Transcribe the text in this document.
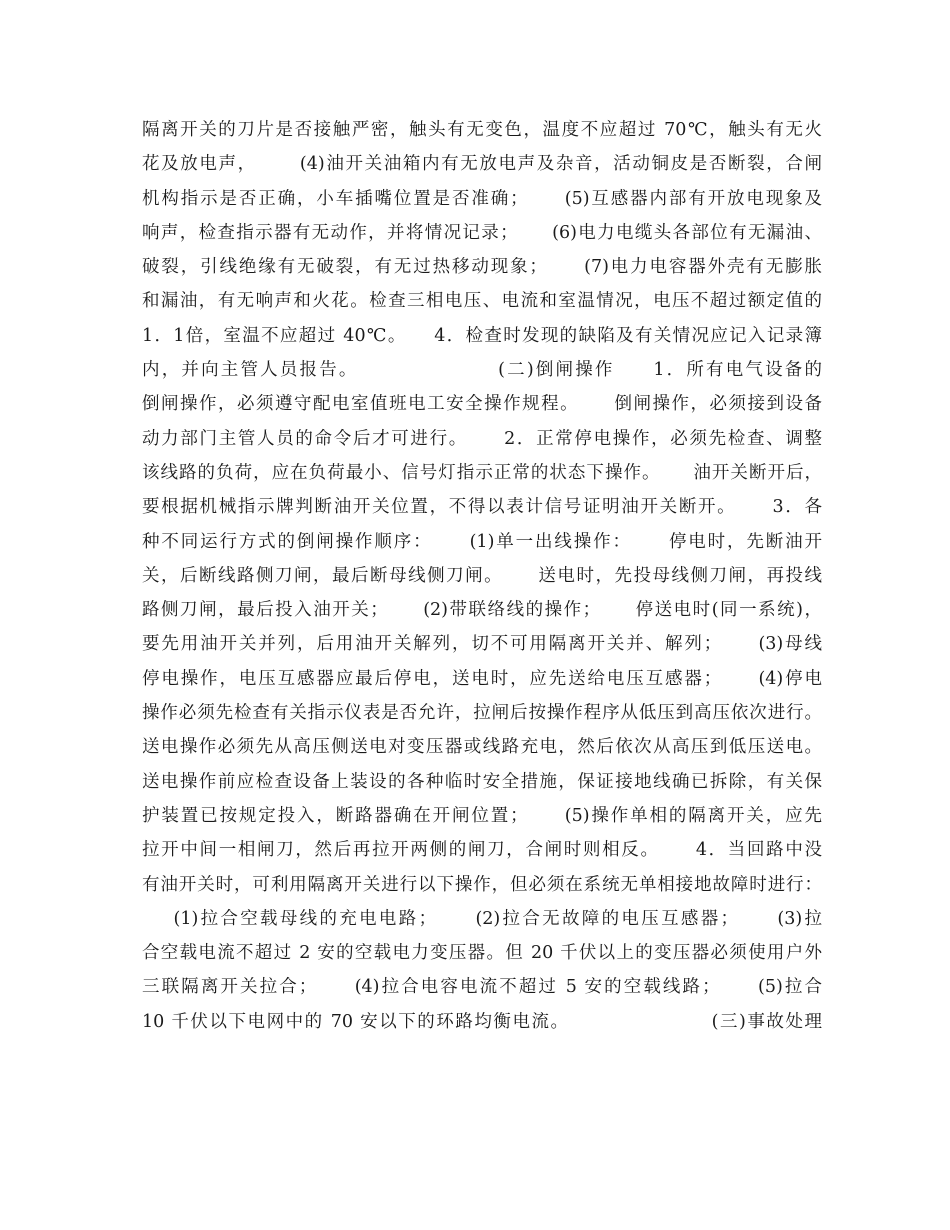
隔离开关的刀片是否接触严密，触头有无变色，温度不应超过 70℃，触头有无火
花及放电声，      (4)油开关油箱内有无放电声及杂音，活动铜皮是否断裂，合闸
机构指示是否正确，小车插嘴位置是否准确；     (5)互感器内部有开放电现象及
响声，检查指示器有无动作，并将情况记录；     (6)电力电缆头各部位有无漏油、
破裂，引线绝缘有无破裂，有无过热移动现象；     (7)电力电容器外壳有无膨胀
和漏油，有无响声和火花。检查三相电压、电流和室温情况，电压不超过额定值的
1．1倍，室温不应超过 40℃。    4．检查时发现的缺陷及有关情况应记入记录簿
内，并向主管人员报告。                  (二)倒闸操作     1．所有电气设备的
倒闸操作，必须遵守配电室值班电工安全操作规程。     倒闸操作，必须接到设备
动力部门主管人员的命令后才可进行。     2．正常停电操作，必须先检查、调整
该线路的负荷，应在负荷最小、信号灯指示正常的状态下操作。     油开关断开后，
要根据机械指示牌判断油开关位置，不得以表计信号证明油开关断开。     3．各
种不同运行方式的倒闸操作顺序：     (1)单一出线操作：     停电时，先断油开
关，后断线路侧刀闸，最后断母线侧刀闸。     送电时，先投母线侧刀闸，再投线
路侧刀闸，最后投入油开关；     (2)带联络线的操作；     停送电时(同一系统)，
要先用油开关并列，后用油开关解列，切不可用隔离开关并、解列；     (3)母线
停电操作，电压互感器应最后停电，送电时，应先送给电压互感器；     (4)停电
操作必须先检查有关指示仪表是否允许，拉闸后按操作程序从低压到高压依次进行。
送电操作必须先从高压侧送电对变压器或线路充电，然后依次从高压到低压送电。
送电操作前应检查设备上装设的各种临时安全措施，保证接地线确已拆除，有关保
护装置已按规定投入，断路器确在开闸位置；     (5)操作单相的隔离开关，应先
拉开中间一相闸刀，然后再拉开两侧的闸刀，合闸时则相反。     4．当回路中没
有油开关时，可利用隔离开关进行以下操作，但必须在系统无单相接地故障时进行：
(1)拉合空载母线的充电电路；     (2)拉合无故障的电压互感器；     (3)拉
合空载电流不超过 2 安的空载电力变压器。但 20 千伏以上的变压器必须使用户外
三联隔离开关拉合；     (4)拉合电容电流不超过 5 安的空载线路；     (5)拉合
10 千伏以下电网中的 70 安以下的环路均衡电流。                    (三)事故处理
